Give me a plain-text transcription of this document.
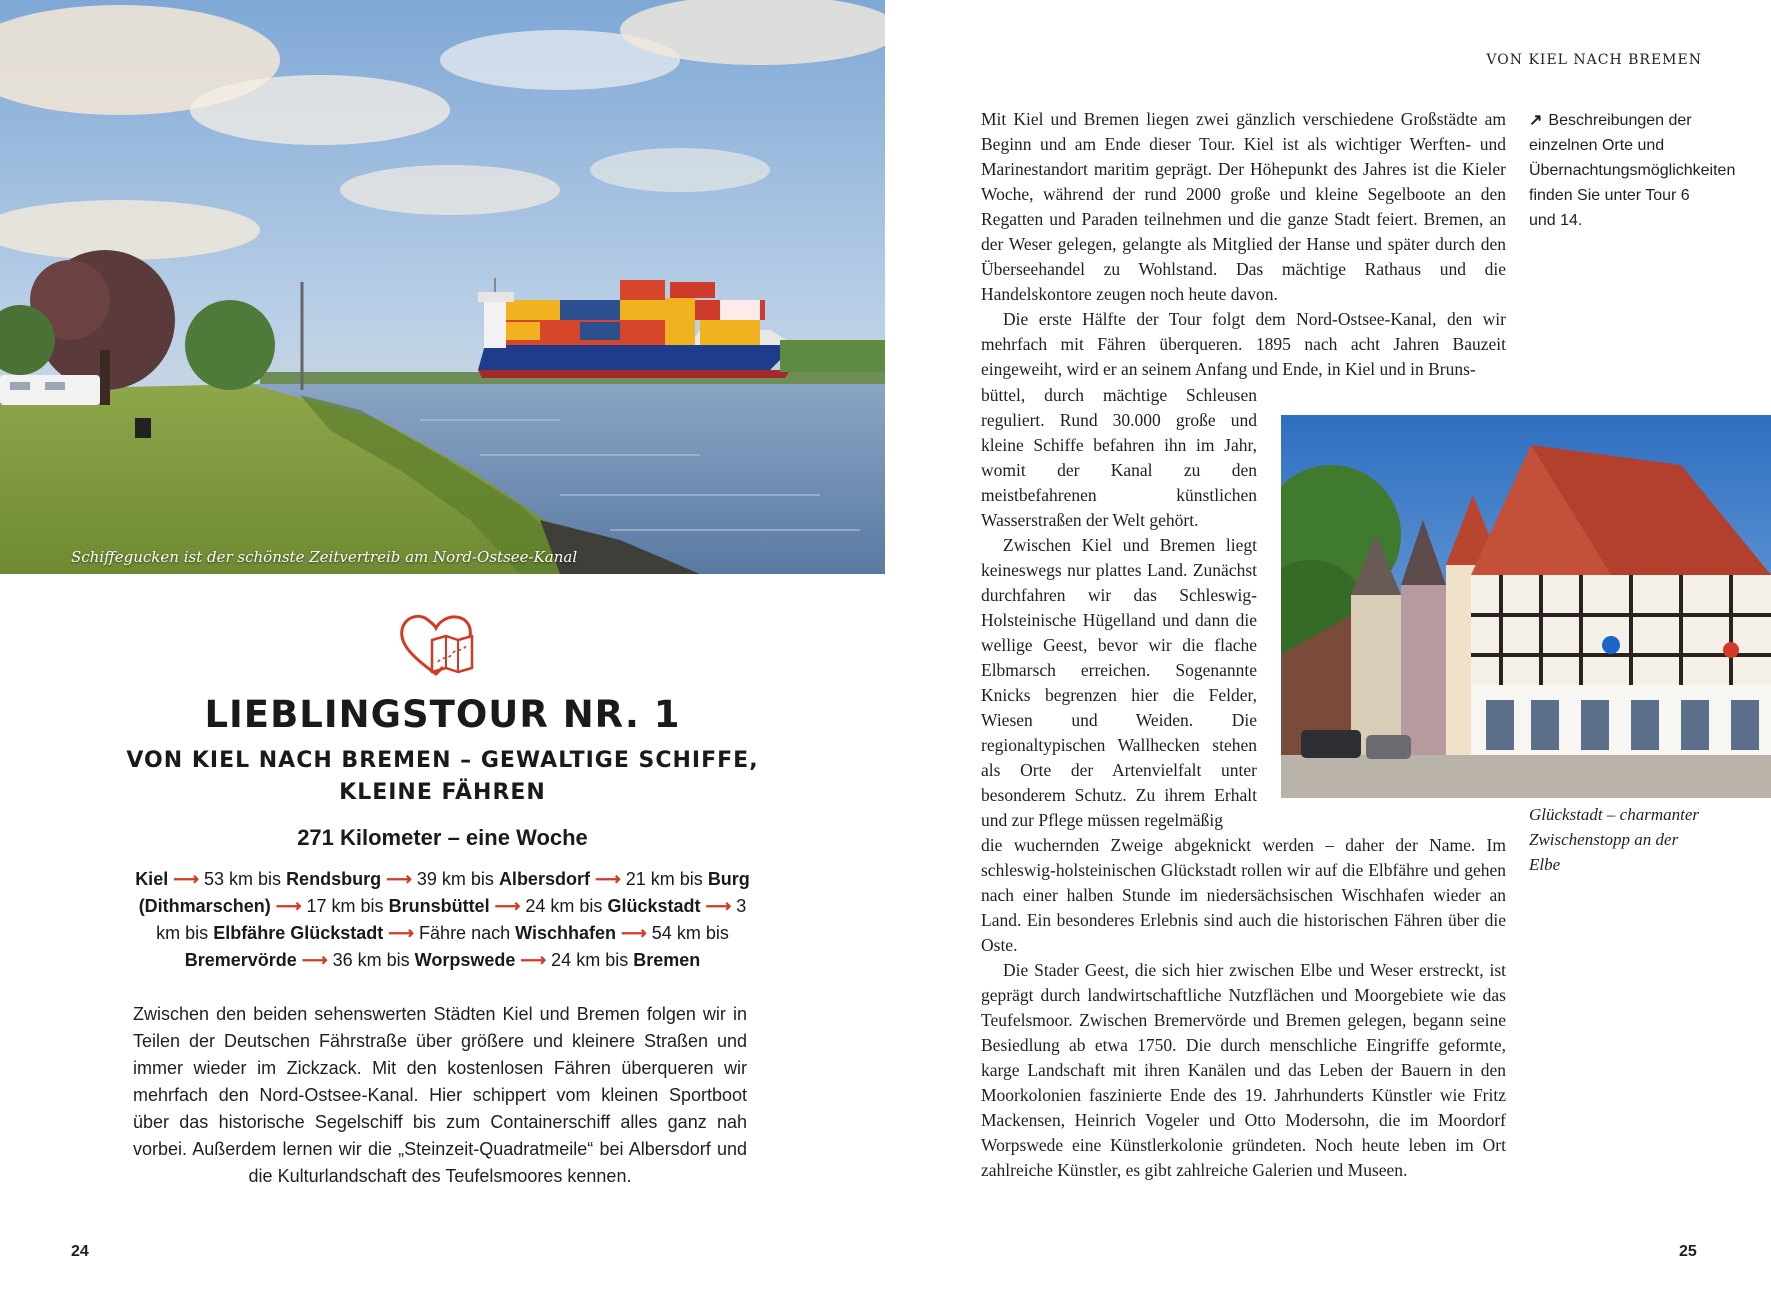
Schiffegucken ist der schönste Zeitvertreib am Nord-Ostsee-Kanal
LIEBLINGSTOUR NR. 1
VON KIEL NACH BREMEN – GEWALTIGE SCHIFFE,
KLEINE FÄHREN
271 Kilometer – eine Woche
Kiel ⟶ 53 km bis Rendsburg ⟶ 39 km bis Albersdorf ⟶ 21 km bis Burg (Dithmarschen) ⟶ 17 km bis Brunsbüttel ⟶ 24 km bis Glückstadt ⟶ 3 km bis Elbfähre Glückstadt ⟶ Fähre nach Wischhafen ⟶ 54 km bis Bremervörde ⟶ 36 km bis Worpswede ⟶ 24 km bis Bremen

Zwischen den beiden sehenswerten Städten Kiel und Bremen folgen wir in Teilen der Deutschen Fährstraße über größere und kleinere Straßen und immer wieder im Zickzack. Mit den kostenlosen Fähren überqueren wir mehrfach den Nord-Ostsee-Kanal. Hier schippert vom kleinen Sportboot über das historische Segelschiff bis zum Containerschiff alles ganz nah vorbei. Außerdem lernen wir die „Steinzeit-Quadratmeile“ bei Albersdorf und die Kulturlandschaft des Teufelsmoores kennen.

24
VON KIEL NACH BREMEN

Mit Kiel und Bremen liegen zwei gänzlich verschiedene Großstädte am Beginn und am Ende dieser Tour. Kiel ist als wichtiger Werften- und Marinestandort maritim geprägt. Der Höhepunkt des Jahres ist die Kieler Woche, während der rund 2000 große und kleine Segelboote an den Regatten und Paraden teilnehmen und die ganze Stadt feiert. Bremen, an der Weser gelegen, gelangte als Mitglied der Hanse und später durch den Überseehandel zu Wohlstand. Das mächtige Rathaus und die Handelskontore zeugen noch heute davon.

Die erste Hälfte der Tour folgt dem Nord-Ostsee-Kanal, den wir mehrfach mit Fähren überqueren. 1895 nach acht Jahren Bauzeit eingeweiht, wird er an seinem Anfang und Ende, in Kiel und in Bruns-

büttel, durch mächtige Schleusen reguliert. Rund 30.000 große und kleine Schiffe befahren ihn im Jahr, womit der Kanal zu den meistbefahrenen künstlichen Wasserstraßen der Welt gehört.

Zwischen Kiel und Bremen liegt keineswegs nur plattes Land. Zunächst durchfahren wir das Schleswig-Holsteinische Hügelland und dann die wellige Geest, bevor wir die flache Elbmarsch erreichen. Sogenannte Knicks begrenzen hier die Felder, Wiesen und Weiden. Die regionaltypischen Wallhecken stehen als Orte der Artenvielfalt unter besonderem Schutz. Zu ihrem Erhalt und zur Pflege müssen regelmäßig

die wuchernden Zweige abgeknickt werden – daher der Name. Im schleswig-holsteinischen Glückstadt rollen wir auf die Elbfähre und gehen nach einer halben Stunde im niedersächsischen Wischhafen wieder an Land. Ein besonderes Erlebnis sind auch die historischen Fähren über die Oste.

Die Stader Geest, die sich hier zwischen Elbe und Weser erstreckt, ist geprägt durch landwirtschaftliche Nutzflächen und Moorgebiete wie das Teufelsmoor. Zwischen Bremervörde und Bremen gelegen, begann seine Besiedlung ab etwa 1750. Die durch menschliche Eingriffe geformte, karge Landschaft mit ihren Kanälen und das Leben der Bauern in den Moorkolonien faszinierte Ende des 19. Jahrhunderts Künstler wie Fritz Mackensen, Heinrich Vogeler und Otto Modersohn, die im Moordorf Worpswede eine Künstlerkolonie gründeten. Noch heute leben im Ort zahlreiche Künstler, es gibt zahlreiche Galerien und Museen.

↗ Beschreibungen der einzelnen Orte und Übernachtungsmöglichkeiten finden Sie unter Tour 6 und 14.
Glückstadt – charmanter Zwischenstopp an der Elbe
25
